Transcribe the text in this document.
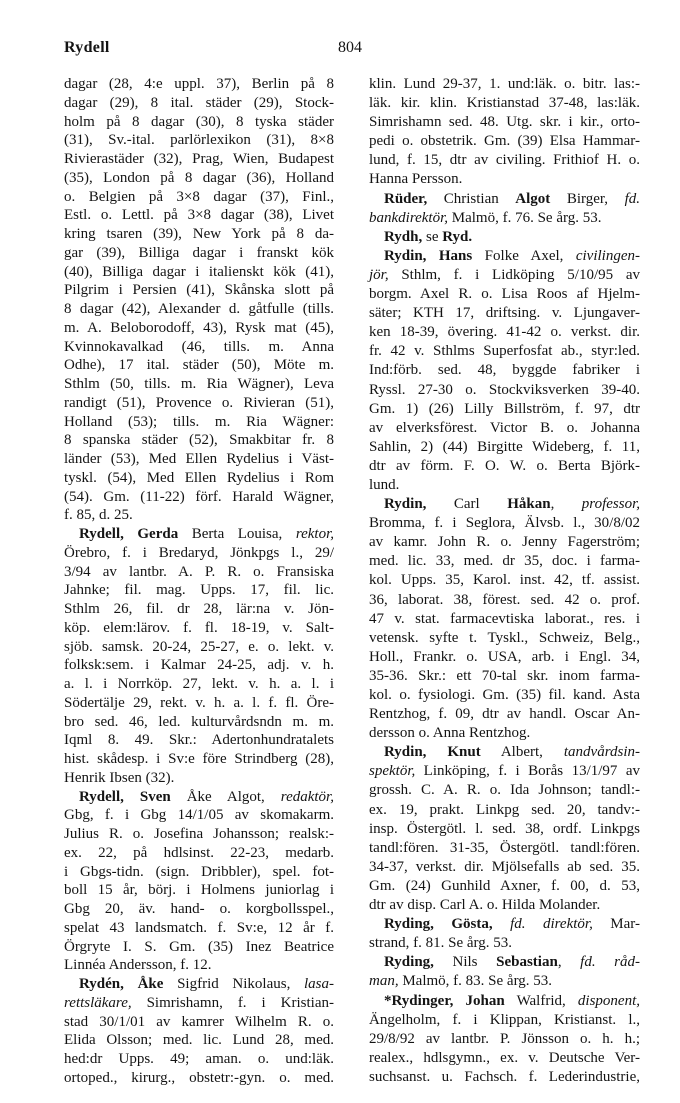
Rydell	804
dagar (28, 4:e uppl. 37), Berlin på 8
dagar (29), 8 ital. städer (29), Stock-
holm på 8 dagar (30), 8 tyska städer
(31), Sv.-ital. parlörlexikon (31), 8×8
Rivierastäder (32), Prag, Wien, Budapest
(35), London på 8 dagar (36), Holland
o. Belgien på 3×8 dagar (37), Finl.,
Estl. o. Lettl. på 3×8 dagar (38), Livet
kring tsaren (39), New York på 8 da-
gar (39), Billiga dagar i franskt kök
(40), Billiga dagar i italienskt kök (41),
Pilgrim i Persien (41), Skånska slott på
8 dagar (42), Alexander d. gåtfulle (tills.
m. A. Beloborodoff, 43), Rysk mat (45),
Kvinnokavalkad (46, tills. m. Anna
Odhe), 17 ital. städer (50), Möte m.
Sthlm (50, tills. m. Ria Wägner), Leva
randigt (51), Provence o. Rivieran (51),
Holland (53); tills. m. Ria Wägner:
8 spanska städer (52), Smakbitar fr. 8
länder (53), Med Ellen Rydelius i Väst-
tyskl. (54), Med Ellen Rydelius i Rom
(54). Gm. (11-22) förf. Harald Wägner,
f. 85, d. 25.
Rydell, Gerda Berta Louisa, rektor,
Örebro, f. i Bredaryd, Jönkpgs l., 29/
3/94 av lantbr. A. P. R. o. Fransiska
Jahnke; fil. mag. Upps. 17, fil. lic.
Sthlm 26, fil. dr 28, lär:na v. Jön-
köp. elem:lärov. f. fl. 18-19, v. Salt-
sjöb. samsk. 20-24, 25-27, e. o. lekt. v.
folksk:sem. i Kalmar 24-25, adj. v. h.
a. l. i Norrköp. 27, lekt. v. h. a. l. i
Södertälje 29, rekt. v. h. a. l. f. fl. Öre-
bro sed. 46, led. kulturvårdsndn m. m.
Iqml 8. 49. Skr.: Adertonhundratalets
hist. skådesp. i Sv:e före Strindberg (28),
Henrik Ibsen (32).
Rydell, Sven Åke Algot, redaktör,
Gbg, f. i Gbg 14/1/05 av skomakarm.
Julius R. o. Josefina Johansson; realsk:-
ex. 22, på hdlsinst. 22-23, medarb.
i Gbgs-tidn. (sign. Dribbler), spel. fot-
boll 15 år, börj. i Holmens juniorlag i
Gbg 20, äv. hand- o. korgbollsspel.,
spelat 43 landsmatch. f. Sv:e, 12 år f.
Örgryte I. S. Gm. (35) Inez Beatrice
Linnéa Andersson, f. 12.
Rydén, Åke Sigfrid Nikolaus, lasa-
rettsläkare, Simrishamn, f. i Kristian-
stad 30/1/01 av kamrer Wilhelm R. o.
Elida Olsson; med. lic. Lund 28, med.
hed:dr Upps. 49; aman. o. und:läk.
ortoped., kirurg., obstetr:-gyn. o. med.
klin. Lund 29-37, 1. und:läk. o. bitr. las:-
läk. kir. klin. Kristianstad 37-48, las:läk.
Simrishamn sed. 48. Utg. skr. i kir., orto-
pedi o. obstetrik. Gm. (39) Elsa Hammar-
lund, f. 15, dtr av civiling. Frithiof H. o.
Hanna Persson.
Rüder, Christian Algot Birger, fd.
bankdirektör, Malmö, f. 76. Se årg. 53.
Rydh, se Ryd.
Rydin, Hans Folke Axel, civilingen-
jör, Sthlm, f. i Lidköping 5/10/95 av
borgm. Axel R. o. Lisa Roos af Hjelm-
säter; KTH 17, driftsing. v. Ljungaver-
ken 18-39, övering. 41-42 o. verkst. dir.
fr. 42 v. Sthlms Superfosfat ab., styr:led.
Ind:förb. sed. 48, byggde fabriker i
Ryssl. 27-30 o. Stockviksverken 39-40.
Gm. 1) (26) Lilly Billström, f. 97, dtr
av elverksförest. Victor B. o. Johanna
Sahlin, 2) (44) Birgitte Wideberg, f. 11,
dtr av förm. F. O. W. o. Berta Björk-
lund.
Rydin, Carl Håkan, professor,
Bromma, f. i Seglora, Älvsb. l., 30/8/02
av kamr. John R. o. Jenny Fagerström;
med. lic. 33, med. dr 35, doc. i farma-
kol. Upps. 35, Karol. inst. 42, tf. assist.
36, laborat. 38, förest. sed. 42 o. prof.
47 v. stat. farmacevtiska laborat., res. i
vetensk. syfte t. Tyskl., Schweiz, Belg.,
Holl., Frankr. o. USA, arb. i Engl. 34,
35-36. Skr.: ett 70-tal skr. inom farma-
kol. o. fysiologi. Gm. (35) fil. kand. Asta
Rentzhog, f. 09, dtr av handl. Oscar An-
dersson o. Anna Rentzhog.
Rydin, Knut Albert, tandvårdsin-
spektör, Linköping, f. i Borås 13/1/97 av
grossh. C. A. R. o. Ida Johnson; tandl:-
ex. 19, prakt. Linkpg sed. 20, tandv:-
insp. Östergötl. l. sed. 38, ordf. Linkpgs
tandl:fören. 31-35, Östergötl. tandl:fören.
34-37, verkst. dir. Mjölsefalls ab sed. 35.
Gm. (24) Gunhild Axner, f. 00, d. 53,
dtr av disp. Carl A. o. Hilda Molander.
Ryding, Gösta, fd. direktör, Mar-
strand, f. 81. Se årg. 53.
Ryding, Nils Sebastian, fd. råd-
man, Malmö, f. 83. Se årg. 53.
*Rydinger, Johan Walfrid, disponent,
Ängelholm, f. i Klippan, Kristianst. l.,
29/8/92 av lantbr. P. Jönsson o. h. h.;
realex., hdlsgymn., ex. v. Deutsche Ver-
suchsanst. u. Fachsch. f. Lederindustrie,
